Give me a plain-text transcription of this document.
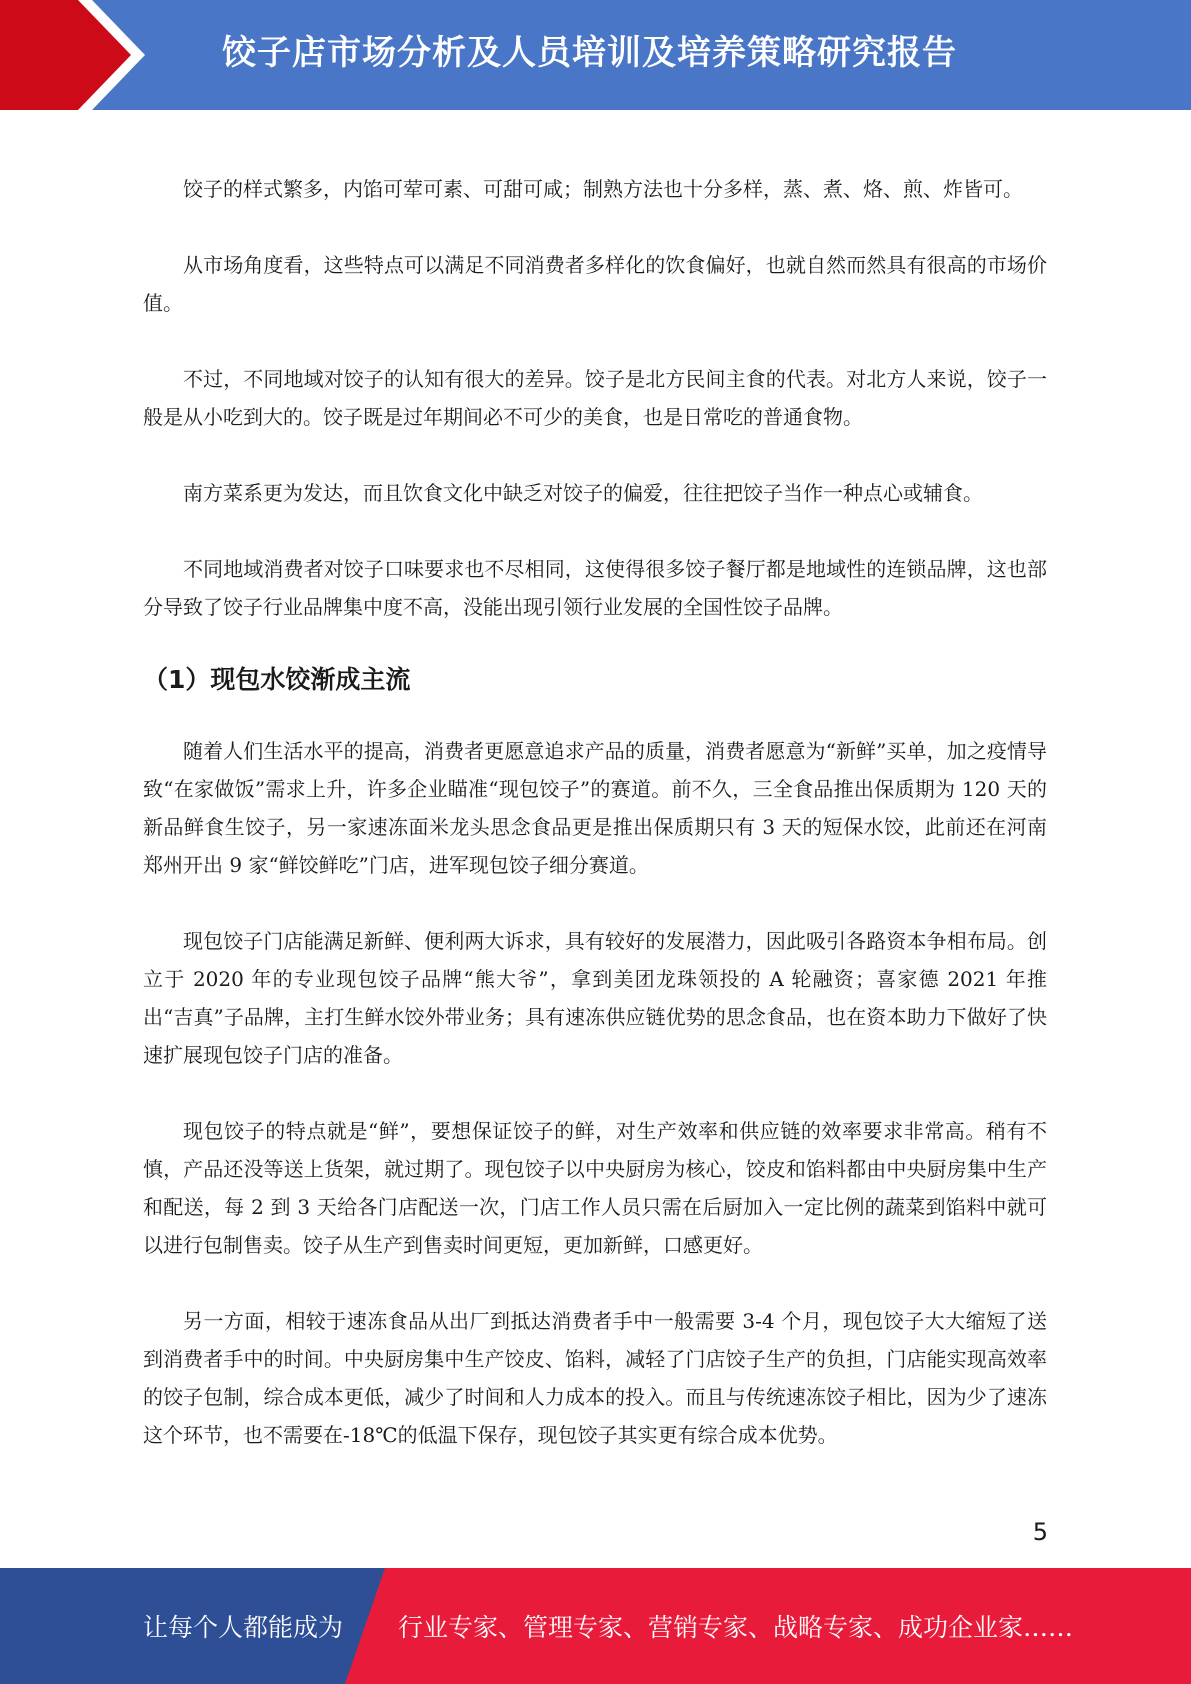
饺子店市场分析及人员培训及培养策略研究报告

饺子的样式繁多，内馅可荤可素、可甜可咸；制熟方法也十分多样，蒸、煮、烙、煎、炸皆可。

从市场角度看，这些特点可以满足不同消费者多样化的饮食偏好，也就自然而然具有很高的市场价值。

不过，不同地域对饺子的认知有很大的差异。饺子是北方民间主食的代表。对北方人来说，饺子一般是从小吃到大的。饺子既是过年期间必不可少的美食，也是日常吃的普通食物。

南方菜系更为发达，而且饮食文化中缺乏对饺子的偏爱，往往把饺子当作一种点心或辅食。

不同地域消费者对饺子口味要求也不尽相同，这使得很多饺子餐厅都是地域性的连锁品牌，这也部分导致了饺子行业品牌集中度不高，没能出现引领行业发展的全国性饺子品牌。

（1）现包水饺渐成主流

随着人们生活水平的提高，消费者更愿意追求产品的质量，消费者愿意为“新鲜”买单，加之疫情导致“在家做饭”需求上升，许多企业瞄准“现包饺子”的赛道。前不久，三全食品推出保质期为 120 天的新品鲜食生饺子，另一家速冻面米龙头思念食品更是推出保质期只有 3 天的短保水饺，此前还在河南郑州开出 9 家“鲜饺鲜吃”门店，进军现包饺子细分赛道。

现包饺子门店能满足新鲜、便利两大诉求，具有较好的发展潜力，因此吸引各路资本争相布局。创立于 2020 年的专业现包饺子品牌“熊大爷”，拿到美团龙珠领投的 A 轮融资；喜家德 2021 年推出“吉真”子品牌，主打生鲜水饺外带业务；具有速冻供应链优势的思念食品，也在资本助力下做好了快速扩展现包饺子门店的准备。

现包饺子的特点就是“鲜”，要想保证饺子的鲜，对生产效率和供应链的效率要求非常高。稍有不慎，产品还没等送上货架，就过期了。现包饺子以中央厨房为核心，饺皮和馅料都由中央厨房集中生产和配送，每 2 到 3 天给各门店配送一次，门店工作人员只需在后厨加入一定比例的蔬菜到馅料中就可以进行包制售卖。饺子从生产到售卖时间更短，更加新鲜，口感更好。

另一方面，相较于速冻食品从出厂到抵达消费者手中一般需要 3-4 个月，现包饺子大大缩短了送到消费者手中的时间。中央厨房集中生产饺皮、馅料，减轻了门店饺子生产的负担，门店能实现高效率的饺子包制，综合成本更低，减少了时间和人力成本的投入。而且与传统速冻饺子相比，因为少了速冻这个环节，也不需要在-18℃的低温下保存，现包饺子其实更有综合成本优势。

5
让每个人都能成为 行业专家、管理专家、营销专家、战略专家、成功企业家……
